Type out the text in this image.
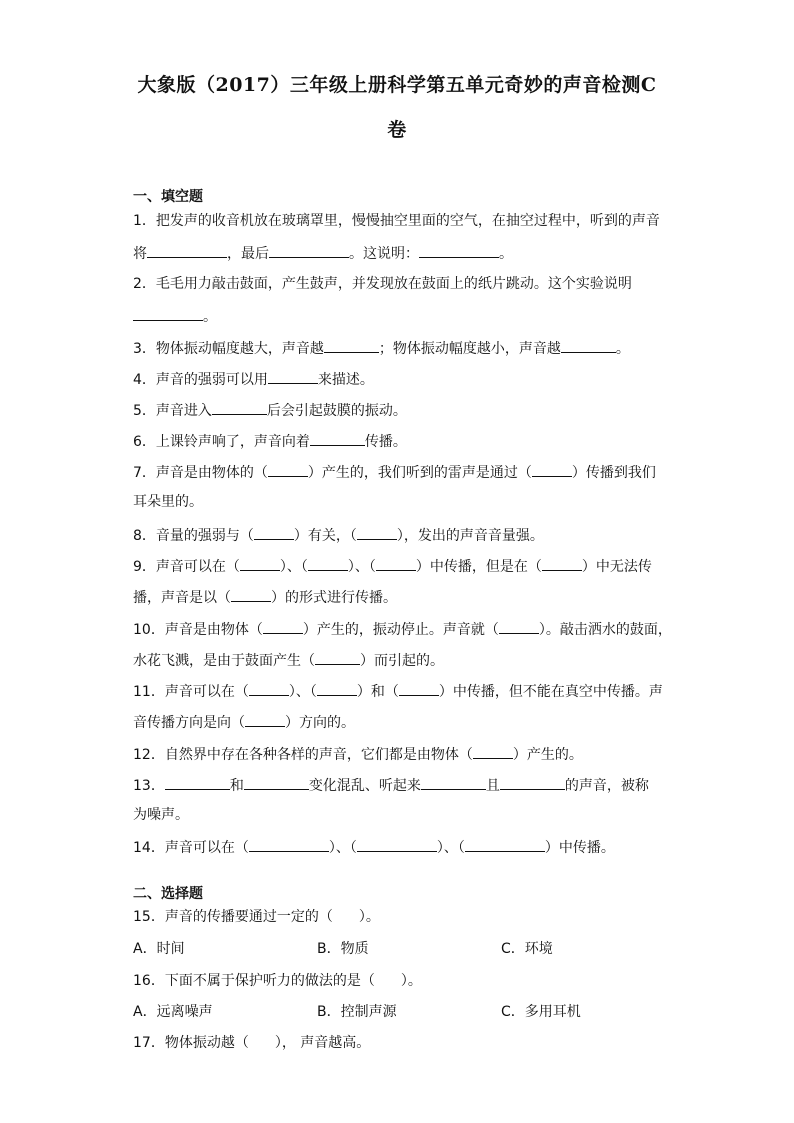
大象版（2017）三年级上册科学第五单元奇妙的声音检测C
卷
一、填空题
1．把发声的收音机放在玻璃罩里，慢慢抽空里面的空气，在抽空过程中，听到的声音
将	，最后	。这说明：	。
2．毛毛用力敲击鼓面，产生鼓声，并发现放在鼓面上的纸片跳动。这个实验说明
。
3．物体振动幅度越大，声音越	；物体振动幅度越小，声音越	。
4．声音的强弱可以用	来描述。
5．声音进入	后会引起鼓膜的振动。
6．上课铃声响了，声音向着	传播。
7．声音是由物体的（	）产生的，我们听到的雷声是通过（	）传播到我们
耳朵里的。
8．音量的强弱与（	）有关，（	），发出的声音音量强。
9．声音可以在（	）、（	）、（	）中传播，但是在（	）中无法传
播，声音是以（	）的形式进行传播。
10．声音是由物体（	）产生的，振动停止。声音就（	）。敲击洒水的鼓面，
水花飞溅，是由于鼓面产生（	）而引起的。
11．声音可以在（	）、（	）和（	）中传播，但不能在真空中传播。声
音传播方向是向（	）方向的。
12．自然界中存在各种各样的声音，它们都是由物体（	）产生的。
13．	和	变化混乱、听起来	且	的声音，被称
为噪声。
14．声音可以在（	）、（	）、（	）中传播。
二、选择题
15．声音的传播要通过一定的（ ）。
A．时间	B．物质	C．环境
16．下面不属于保护听力的做法的是（ ）。
A．远离噪声	B．控制声源	C．多用耳机
17．物体振动越（ ）， 声音越高。
